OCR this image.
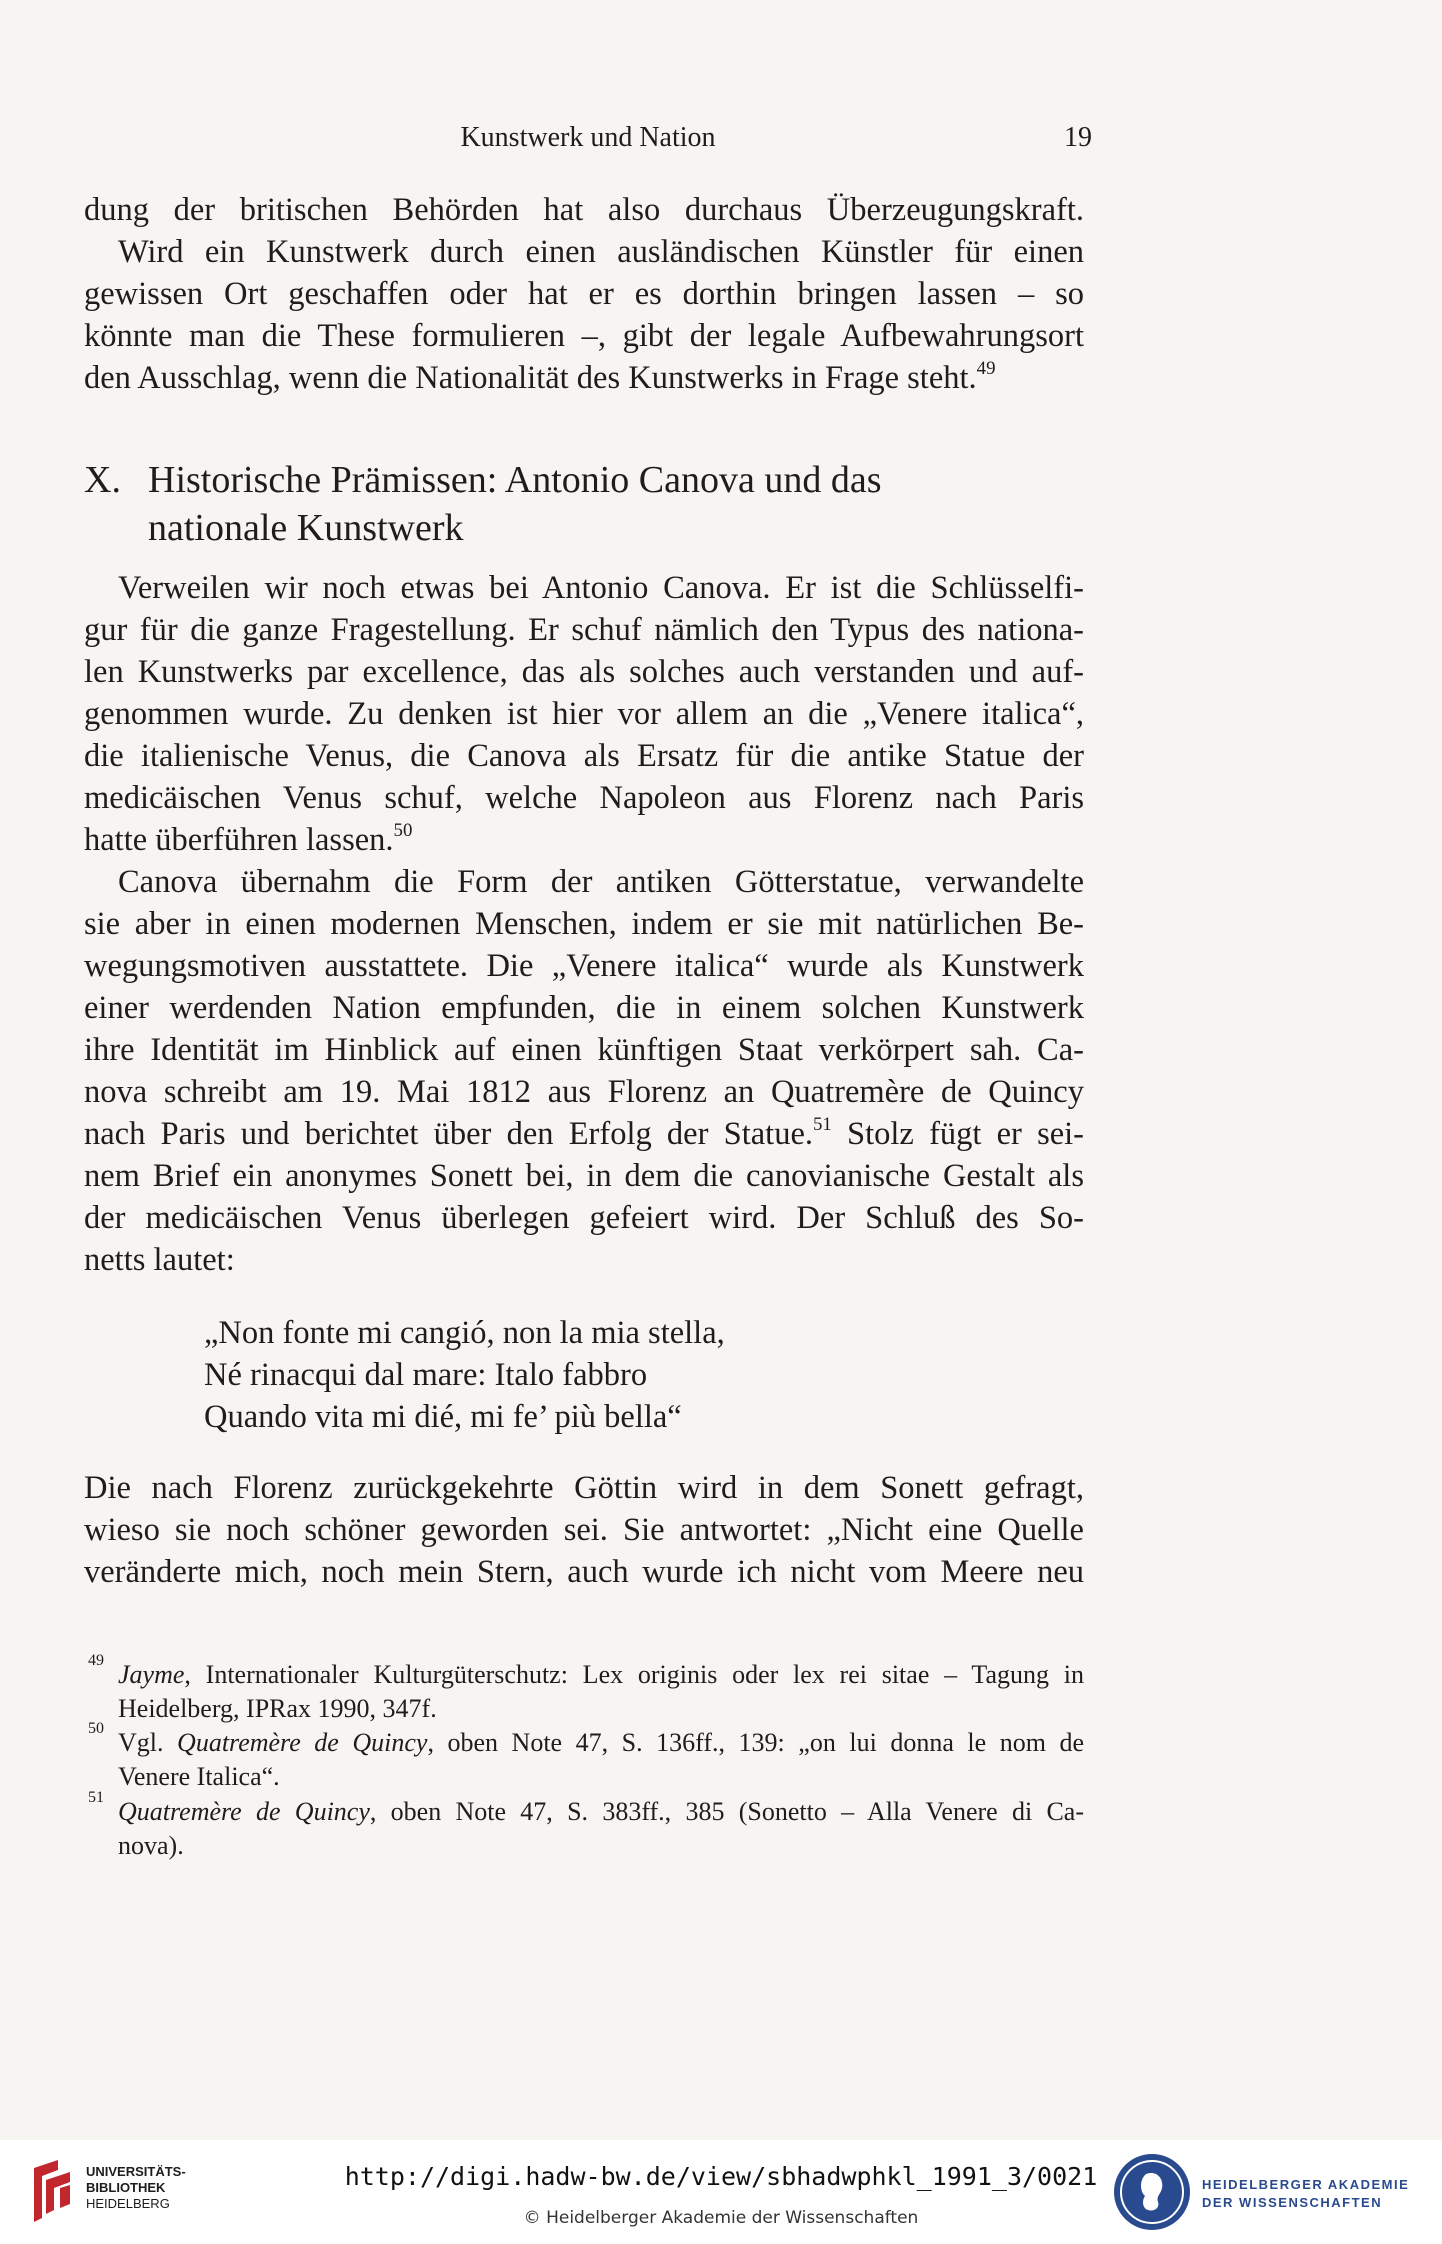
Kunstwerk und Nation	19
dung der britischen Behörden hat also durchaus Überzeugungskraft.
Wird ein Kunstwerk durch einen ausländischen Künstler für einen
gewissen Ort geschaffen oder hat er es dorthin bringen lassen – so
könnte man die These formulieren –, gibt der legale Aufbewahrungsort
den Ausschlag, wenn die Nationalität des Kunstwerks in Frage steht.$^{49}$
X. Historische Prämissen: Antonio Canova und das
nationale Kunstwerk
Verweilen wir noch etwas bei Antonio Canova. Er ist die Schlüsselfi-
gur für die ganze Fragestellung. Er schuf nämlich den Typus des nationa-
len Kunstwerks par excellence, das als solches auch verstanden und auf-
genommen wurde. Zu denken ist hier vor allem an die „Venere italica“,
die italienische Venus, die Canova als Ersatz für die antike Statue der
medicäischen Venus schuf, welche Napoleon aus Florenz nach Paris
hatte überführen lassen.$^{50}$
Canova übernahm die Form der antiken Götterstatue, verwandelte
sie aber in einen modernen Menschen, indem er sie mit natürlichen Be-
wegungsmotiven ausstattete. Die „Venere italica“ wurde als Kunstwerk
einer werdenden Nation empfunden, die in einem solchen Kunstwerk
ihre Identität im Hinblick auf einen künftigen Staat verkörpert sah. Ca-
nova schreibt am 19. Mai 1812 aus Florenz an Quatremère de Quincy
nach Paris und berichtet über den Erfolg der Statue.$^{51}$ Stolz fügt er sei-
nem Brief ein anonymes Sonett bei, in dem die canovianische Gestalt als
der medicäischen Venus überlegen gefeiert wird. Der Schluß des So-
netts lautet:
„Non fonte mi cangió, non la mia stella,
Né rinacqui dal mare: Italo fabbro
Quando vita mi dié, mi fe’ più bella“
Die nach Florenz zurückgekehrte Göttin wird in dem Sonett gefragt,
wieso sie noch schöner geworden sei. Sie antwortet: „Nicht eine Quelle
veränderte mich, noch mein Stern, auch wurde ich nicht vom Meere neu
49 Jayme, Internationaler Kulturgüterschutz: Lex originis oder lex rei sitae – Tagung in
Heidelberg, IPRax 1990, 347f.
50 Vgl. Quatremère de Quincy, oben Note 47, S. 136ff., 139: „on lui donna le nom de
Venere Italica“.
51 Quatremère de Quincy, oben Note 47, S. 383ff., 385 (Sonetto – Alla Venere di Ca-
nova).
UNIVERSITÄTS-
BIBLIOTHEK
HEIDELBERG
http://digi.hadw-bw.de/view/sbhadwphkl_1991_3/0021
© Heidelberger Akademie der Wissenschaften
HEIDELBERGER AKADEMIE
DER WISSENSCHAFTEN
